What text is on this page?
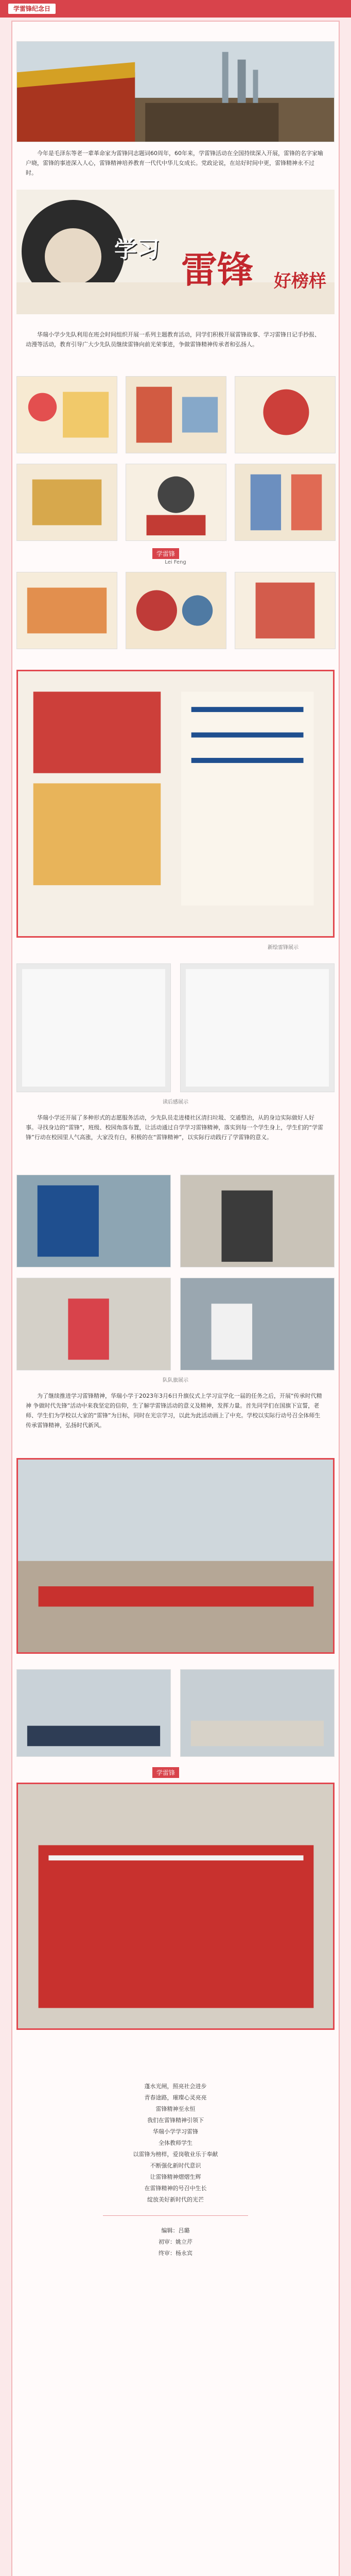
学雷锋纪念日

今年是毛泽东等老一辈革命家为雷锋同志题词60周年，60年来，学雷锋活动在全国持续深入开展，雷锋的名字家喻户晓，雷锋的事迹深入人心，雷锋精神培养教育一代代中华儿女成长。党政论说，在站好时间中更，雷锋精神永不过时。

学习 雷锋 好榜样

华瑞小学少先队利用在班会时间组织开展一系列主题教育活动，同学们积极开展雷锋故事、学习雷锋日记手抄报、动漫等活动，教育引导广大少先队员继续雷锋向前光荣事迹，争做雷锋精神传承者和弘扬人。

学雷锋
Lei Feng
新绘雷锋展示
读后感展示

华瑞小学还开展了多种形式的志愿服务活动，少先队员走进楼社区清扫垃圾、交通整治，从的身边实际做好人好事。寻找身边的“雷锋”，班级、校园角落布置，让活动通过自学学习雷锋精神，落实到每一个学生身上，学生们的“学雷锋”行动在校园里人气高涨，大家没有白，积极的在“雷锋精神”，以实际行动践行了学雷锋的意义。

队队旅展示

为了继续推进学习雷锋精神，华瑞小学于2023年3月6日升旗仪式上学习宣学化一届的任务之后，开展“传承时代精神 争做时代先锋”活动中来我坚定的信仰，生了解学雷锋活动的意义及精神，发挥力量。首先同学们在国旗下宣誓，老师、学生们为学校以大家的“雷锋”为目标，同时在光宗学习，以此为此活动画上了中充。学校以实际行动号召全体师生传承雷锋精神，弘扬时代新风。

学雷锋
蓬水光闸，照亮社会进步
青春途路，璀璨心灵亮亮
雷锋精神至永恒
我们在雷锋精神引领下
华瑞小学学习雷锋
全体教师学生
以雷锋为榜样，爱岗敬业乐于奉献
不断强化新时代意识
让雷锋精神熠熠生辉
在雷锋精神的号召中生长
绽放美好新时代的光芒
编辑：吕璐
初审：姚立芹
终审：杨永宾
